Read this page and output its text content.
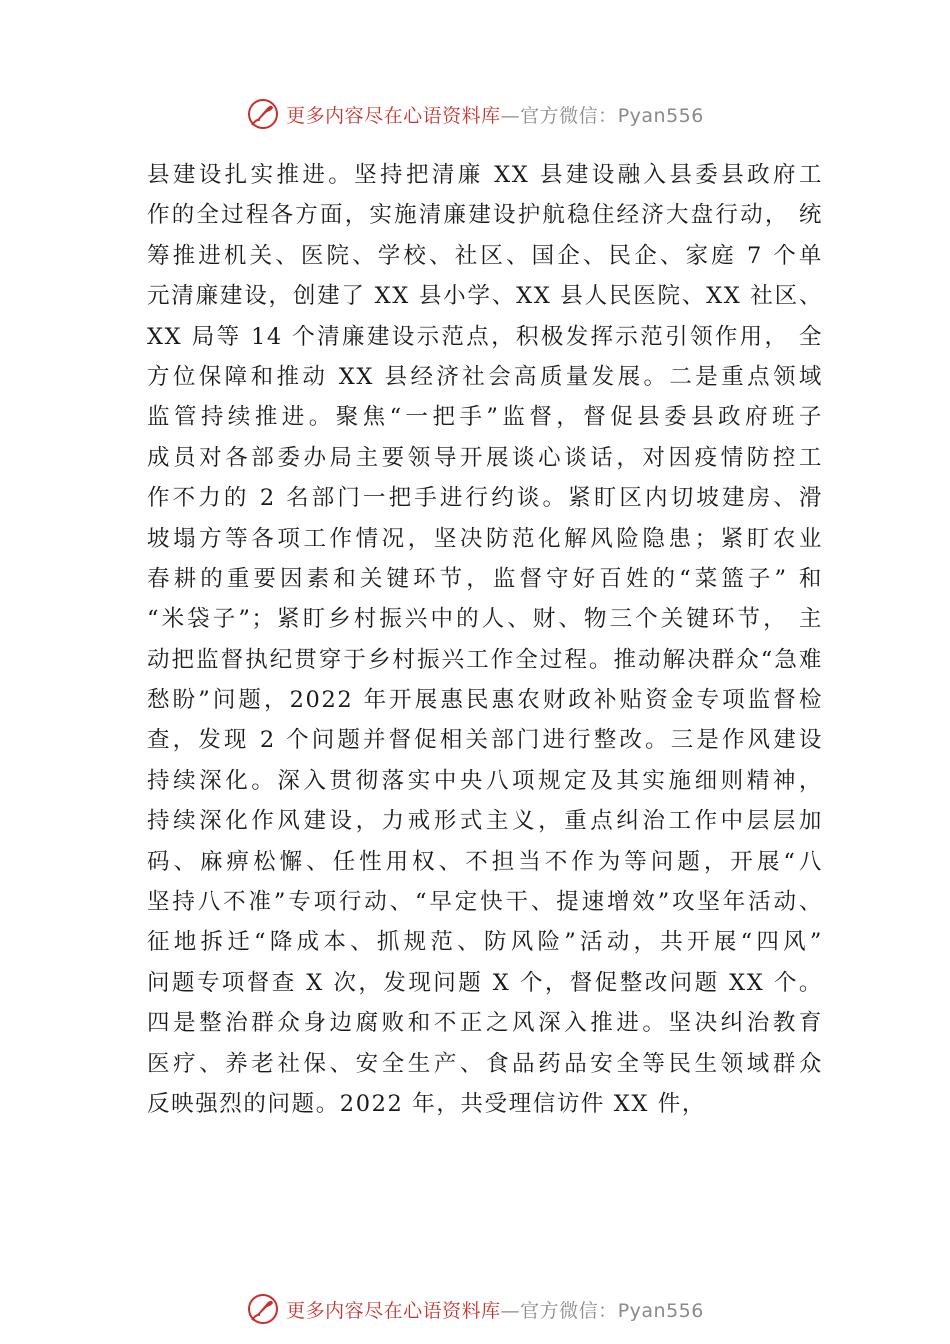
更多内容尽在心语资料库—官方微信：Pyan556
县建设扎实推进。坚持把清廉 XX 县建设融入县委县政府工
作的全过程各方面，实施清廉建设护航稳住经济大盘行动， 统
筹推进机关、医院、学校、社区、国企、民企、家庭 7 个单
元清廉建设，创建了 XX 县小学、XX 县人民医院、XX 社区、
XX 局等 14 个清廉建设示范点，积极发挥示范引领作用， 全
方位保障和推动 XX 县经济社会高质量发展。二是重点领域
监管持续推进。聚焦“一把手”监督，督促县委县政府班子
成员对各部委办局主要领导开展谈心谈话，对因疫情防控工
作不力的 2 名部门一把手进行约谈。紧盯区内切坡建房、滑
坡塌方等各项工作情况，坚决防范化解风险隐患；紧盯农业
春耕的重要因素和关键环节，监督守好百姓的“菜篮子” 和
“米袋子”；紧盯乡村振兴中的人、财、物三个关键环节， 主
动把监督执纪贯穿于乡村振兴工作全过程。推动解决群众“急难
愁盼”问题，2022 年开展惠民惠农财政补贴资金专项监督检
查，发现 2 个问题并督促相关部门进行整改。三是作风建设
持续深化。深入贯彻落实中央八项规定及其实施细则精神，
持续深化作风建设，力戒形式主义，重点纠治工作中层层加
码、麻痹松懈、任性用权、不担当不作为等问题，开展“八
坚持八不准”专项行动、“早定快干、提速增效”攻坚年活动、
征地拆迁“降成本、抓规范、防风险”活动，共开展“四风”
问题专项督查 X 次，发现问题 X 个，督促整改问题 XX 个。
四是整治群众身边腐败和不正之风深入推进。坚决纠治教育
医疗、养老社保、安全生产、食品药品安全等民生领域群众
反映强烈的问题。2022 年，共受理信访件 XX 件，
更多内容尽在心语资料库—官方微信：Pyan556
